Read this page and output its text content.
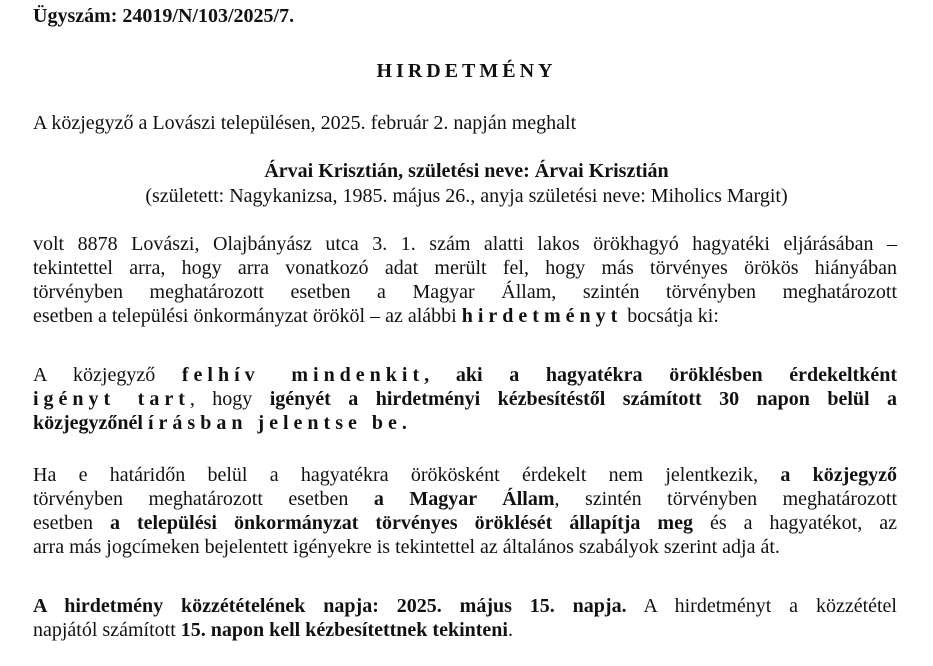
Ügyszám: 24019/N/103/2025/7.
HIRDETMÉNY
A közjegyző a Lovászi településen, 2025. február 2. napján meghalt
Árvai Krisztián, születési neve: Árvai Krisztián
(született: Nagykanizsa, 1985. május 26., anyja születési neve: Miholics Margit)
volt 8878 Lovászi, Olajbányász utca 3. 1. szám alatti lakos örökhagyó hagyatéki eljárásában –
tekintettel arra, hogy arra vonatkozó adat merült fel, hogy más törvényes örökös hiányában
törvényben meghatározott esetben a Magyar Állam, szintén törvényben meghatározott
esetben a települési önkormányzat örököl – az alábbi hirdetményt bocsátja ki:
A közjegyző felhív mindenkit, aki a hagyatékra öröklésben érdekeltként
igényt tart, hogy igényét a hirdetményi kézbesítéstől számított 30 napon belül a
közjegyzőnél írásban jelentse be.
Ha e határidőn belül a hagyatékra örökösként érdekelt nem jelentkezik, a közjegyző
törvényben meghatározott esetben a Magyar Állam, szintén törvényben meghatározott
esetben a települési önkormányzat törvényes öröklését állapítja meg és a hagyatékot, az
arra más jogcímeken bejelentett igényekre is tekintettel az általános szabályok szerint adja át.
A hirdetmény közzétételének napja: 2025. május 15. napja. A hirdetményt a közzététel
napjától számított 15. napon kell kézbesítettnek tekinteni.
